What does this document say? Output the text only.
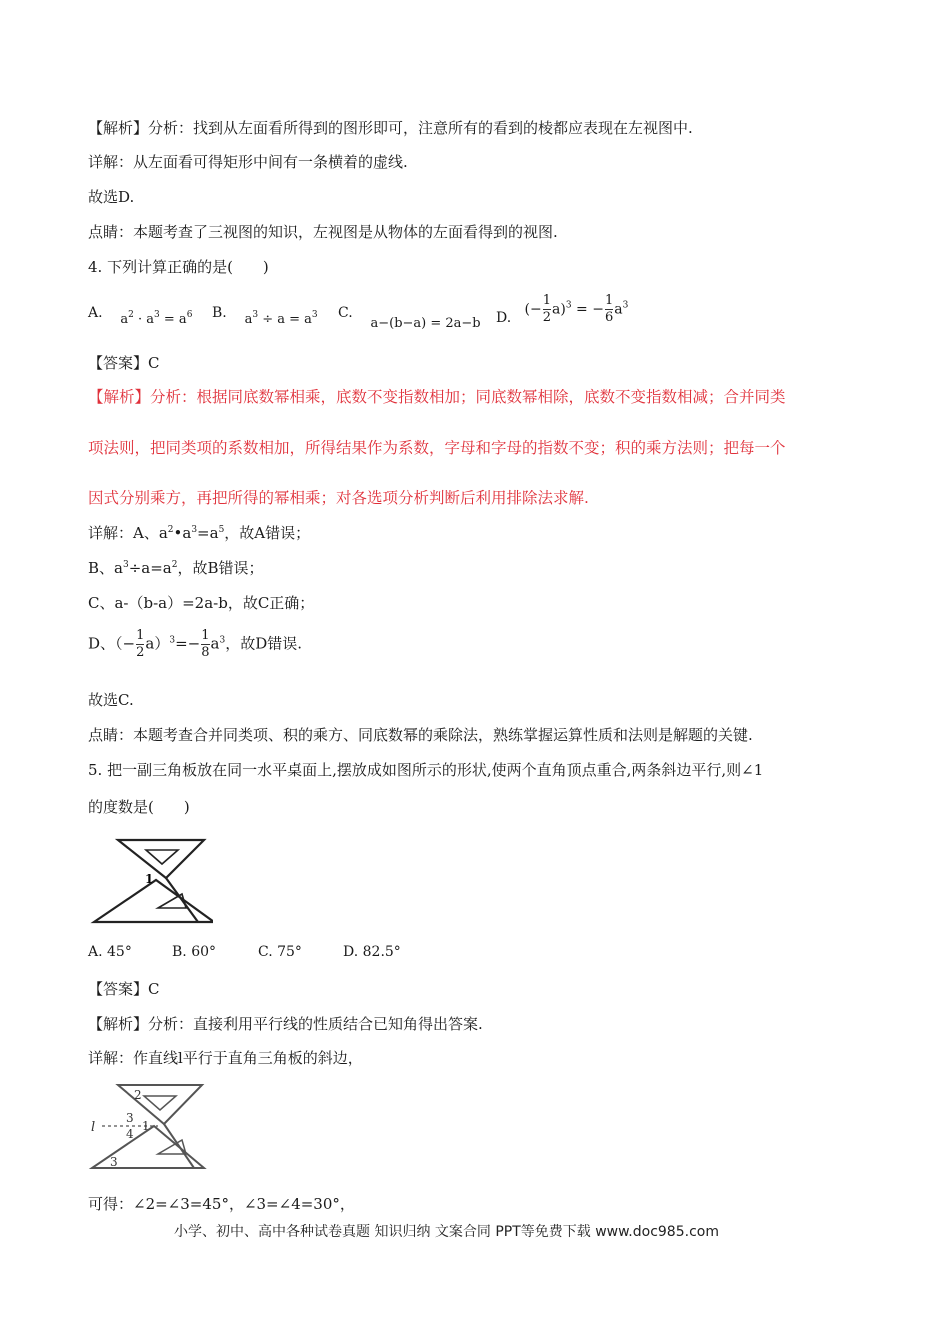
【解析】分析：找到从左面看所得到的图形即可，注意所有的看到的棱都应表现在左视图中.
详解：从左面看可得矩形中间有一条横着的虚线.
故选D.
点睛：本题考查了三视图的知识，左视图是从物体的左面看得到的视图.
4. 下列计算正确的是(　　)
A. $a^2 \cdot a^3 = a^6$ B. $a^3 \div a = a^3$ C.    a−(b−a) = 2a−b D. (− $\frac{1}{2} a)^3$ = − $\frac{1}{6} a^3$
【答案】C
【解析】分析：根据同底数幂相乘，底数不变指数相加；同底数幂相除，底数不变指数相减；合并同类
项法则，把同类项的系数相加，所得结果作为系数，字母和字母的指数不变；积的乘方法则；把每一个
因式分别乘方，再把所得的幂相乘；对各选项分析判断后利用排除法求解.
详解：A、$a^2•a^3=a^5$，故A错误；
B、$a^3\div a=a^2$，故B错误；
C、a-（b-a）=2a-b，故C正确；
D、（− $\frac{1}{2} a)^3=- \frac{1}{8} a^3$，故D错误.
故选C.
点睛：本题考查合并同类项、积的乘方、同底数幂的乘除法，熟练掌握运算性质和法则是解题的关键.
5. 把一副三角板放在同一水平桌面上,摆放成如图所示的形状,使两个直角顶点重合,两条斜边平行,则∠1
的度数是(　　)
1
A. 45°	B. 60°	C. 75°	D. 82.5°
【答案】C
【解析】分析：直接利用平行线的性质结合已知角得出答案.
详解：作直线l平行于直角三角板的斜边，
l
2
3
4
1
3
可得：∠2=∠3=45°，∠3=∠4=30°，
小学、初中、高中各种试卷真题 知识归纳 文案合同 PPT等免费下载 www.doc985.com
